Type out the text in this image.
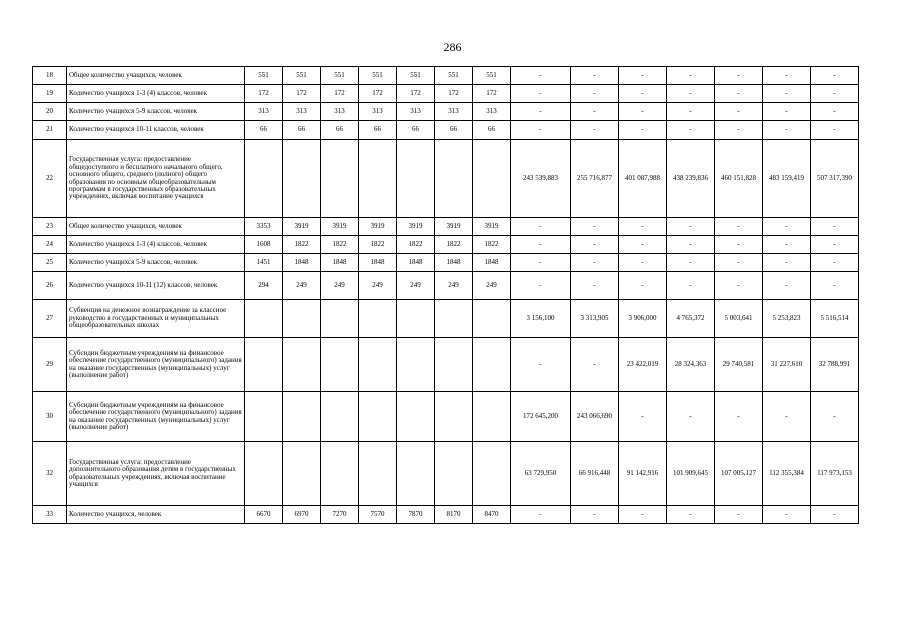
286
18	Общее количество учащихся, человек	551	551	551	551	551	551	551	-	-	-	-	-	-	-
19	Количество учащихся 1-3 (4) классов, человек	172	172	172	172	172	172	172	-	-	-	-	-	-	-
20	Количество учащихся 5-9 классов, человек	313	313	313	313	313	313	313	-	-	-	-	-	-	-
21	Количество учащихся 10-11 классов, человек	66	66	66	66	66	66	66	-	-	-	-	-	-	-
22	Государственная услуга: предоставление общедоступного и бесплатного начального общего, основного общего, среднего (полного) общего образования по основным общеобразовательным программам в государственных образовательных учреждениях, включая воспитание учащихся								243 539,883	255 716,877	401 087,988	438 239,836	460 151,828	483 159,419	507 317,390
23	Общее количество учащихся, человек	3353	3919	3919	3919	3919	3919	3919	-	-	-	-	-	-	-
24	Количество учащихся 1-3 (4) классов, человек	1608	1822	1822	1822	1822	1822	1822	-	-	-	-	-	-	-
25	Количество учащихся 5-9 классов, человек	1451	1848	1848	1848	1848	1848	1848	-	-	-	-	-	-	-
26	Количество учащихся 10-11 (12) классов, человек	294	249	249	249	249	249	249	-	-	-	-	-	-	-
27	Субвенция на денежное вознаграждение за классное руководство в государственных и муниципальных общеобразовательных школах								3 156,100	3 313,905	3 906,000	4 765,372	5 003,641	5 253,823	5 516,514
29	Субсидии бюджетным учреждениям на финансовое обеспечение государственного (муниципального) задания на оказание государственных (муниципальных) услуг (выполнение работ)								-	-	23 422,019	28 324,363	29 740,581	31 227,610	32 788,991
30	Субсидии бюджетным учреждениям на финансовое обеспечение государственного (муниципального) задания на оказание государственных (муниципальных) услуг (выполнение работ)								172 645,200	243 066,690	-	-	-	-	-
32	Государственная услуга: предоставление дополнительного образования детям в государственных образовательных учреждениях, включая воспитание учащихся								63 729,950	66 916,448	91 142,916	101 909,645	107 005,127	112 355,384	117 973,153
33	Количество учащихся, человек	6670	6970	7270	7570	7870	8170	8470	-	-	-	-	-	-	-
